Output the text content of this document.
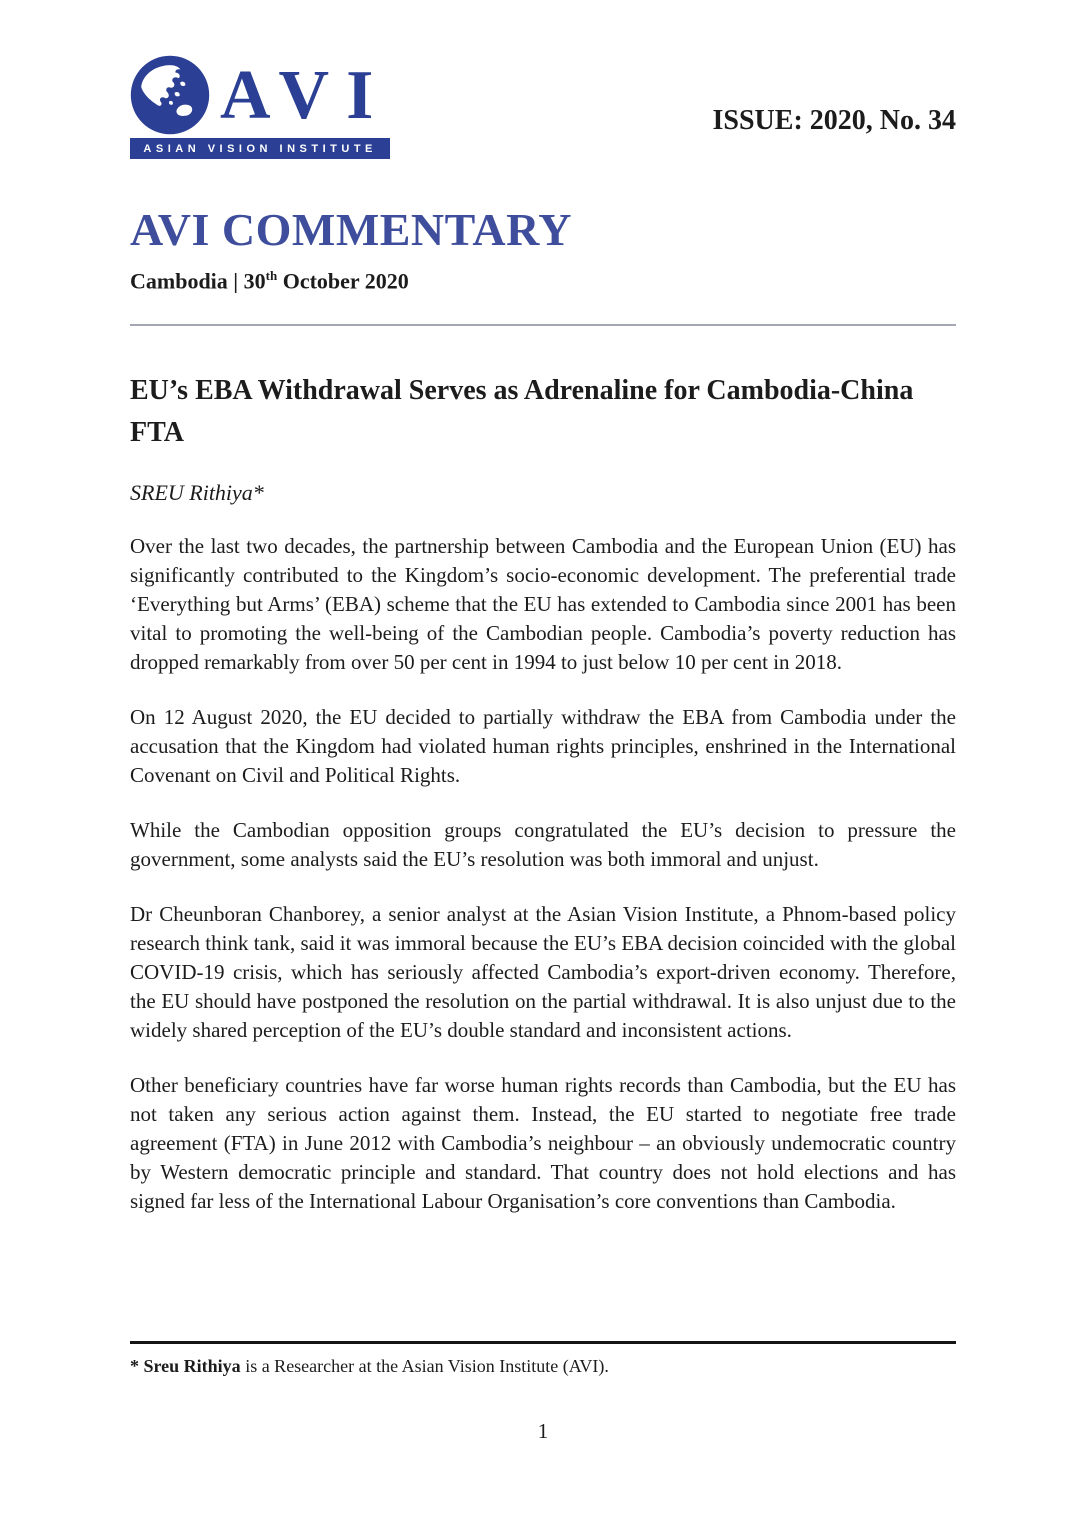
AVI
ASIAN VISION INSTITUTE
ISSUE: 2020, No. 34
AVI COMMENTARY

Cambodia | 30th October 2020

EU’s EBA Withdrawal Serves as Adrenaline for Cambodia-China FTA

SREU Rithiya*

Over the last two decades, the partnership between Cambodia and the European Union (EU) has significantly contributed to the Kingdom’s socio-economic development. The preferential trade ‘Everything but Arms’ (EBA) scheme that the EU has extended to Cambodia since 2001 has been vital to promoting the well-being of the Cambodian people. Cambodia’s poverty reduction has dropped remarkably from over 50 per cent in 1994 to just below 10 per cent in 2018.

On 12 August 2020, the EU decided to partially withdraw the EBA from Cambodia under the accusation that the Kingdom had violated human rights principles, enshrined in the International Covenant on Civil and Political Rights.

While the Cambodian opposition groups congratulated the EU’s decision to pressure the government, some analysts said the EU’s resolution was both immoral and unjust.

Dr Cheunboran Chanborey, a senior analyst at the Asian Vision Institute, a Phnom-based policy research think tank, said it was immoral because the EU’s EBA decision coincided with the global COVID-19 crisis, which has seriously affected Cambodia’s export-driven economy. Therefore, the EU should have postponed the resolution on the partial withdrawal. It is also unjust due to the widely shared perception of the EU’s double standard and inconsistent actions.

Other beneficiary countries have far worse human rights records than Cambodia, but the EU has not taken any serious action against them. Instead, the EU started to negotiate free trade agreement (FTA) in June 2012 with Cambodia’s neighbour – an obviously undemocratic country by Western democratic principle and standard. That country does not hold elections and has signed far less of the International Labour Organisation’s core conventions than Cambodia.

* Sreu Rithiya is a Researcher at the Asian Vision Institute (AVI).

1
